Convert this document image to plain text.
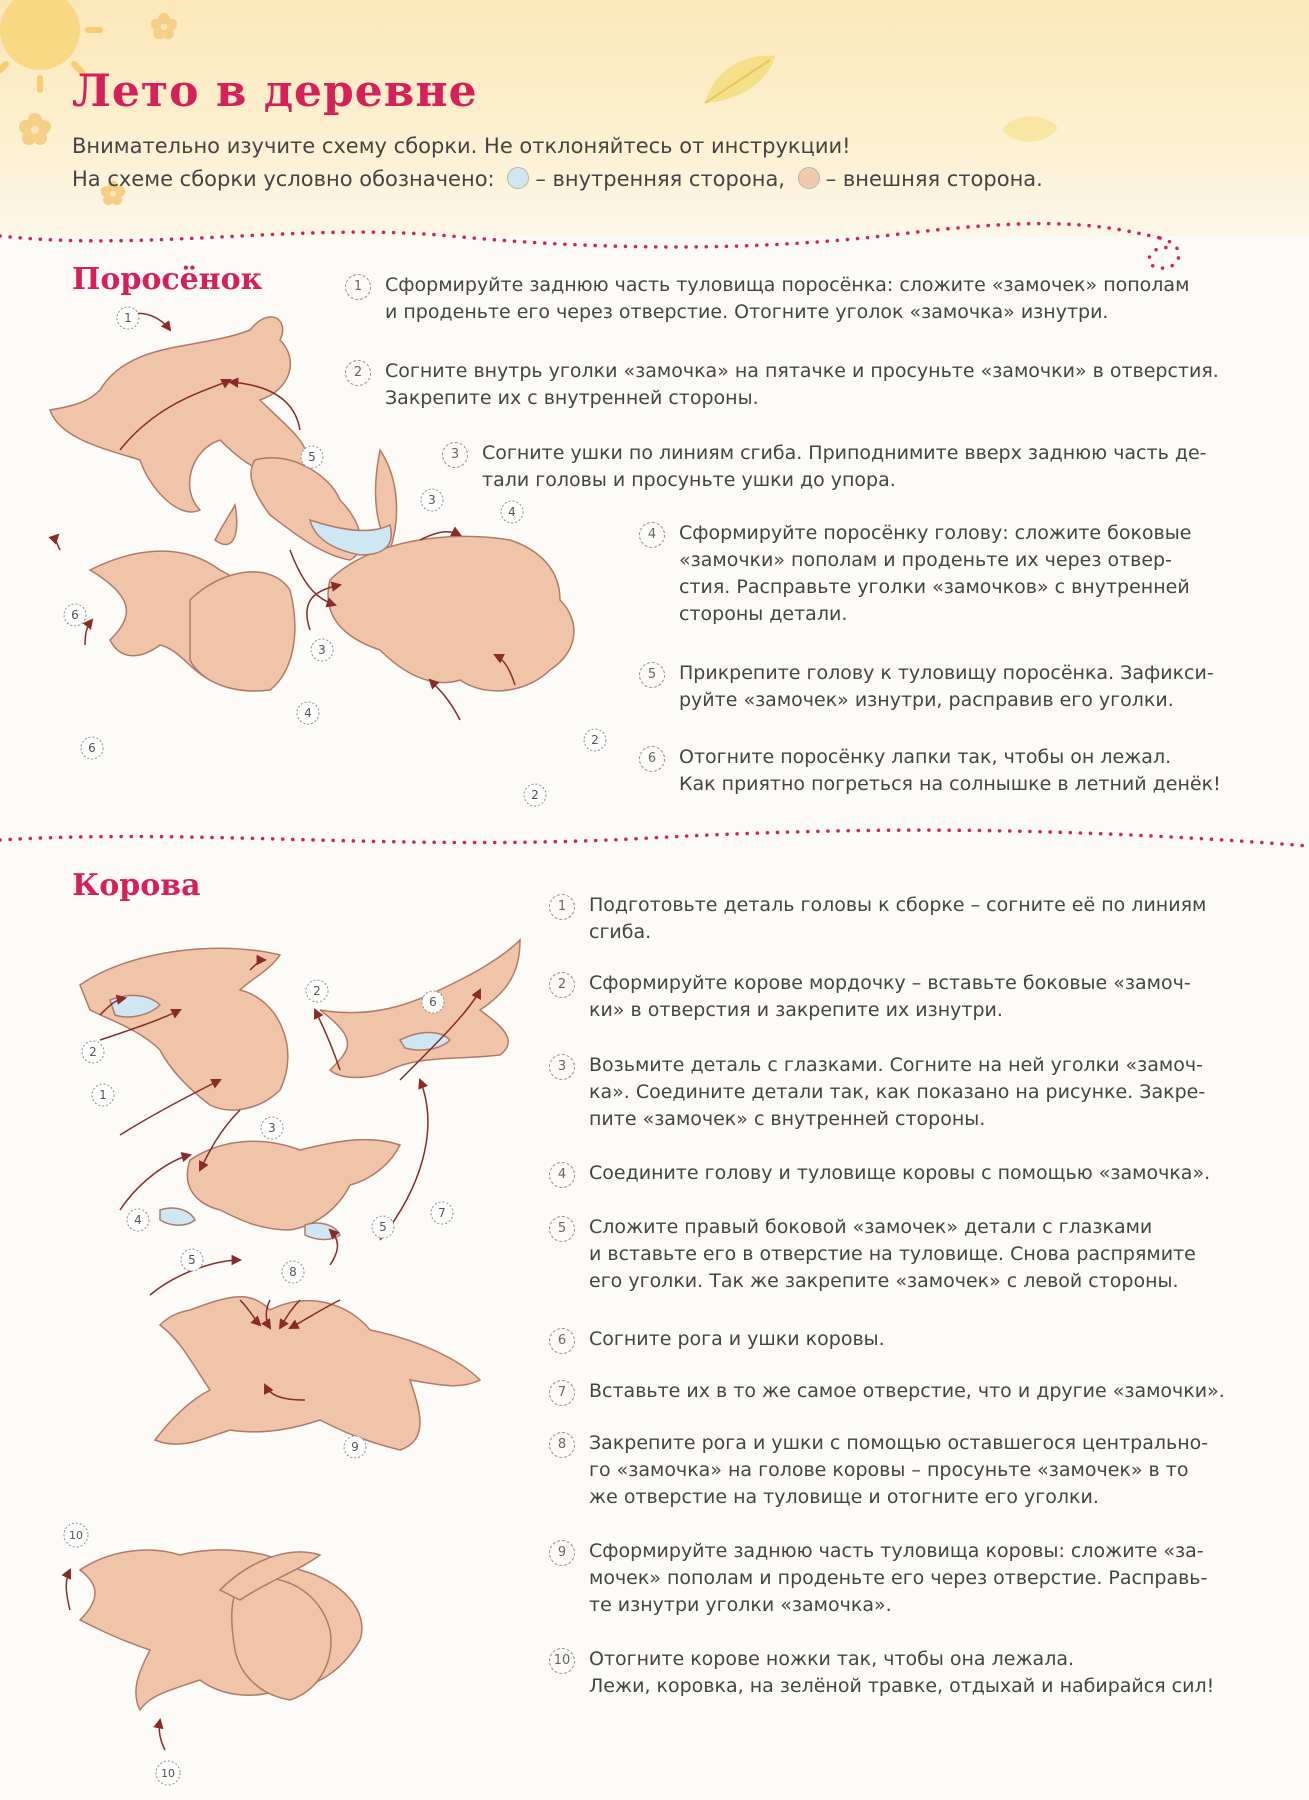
Лето в деревне
Внимательно изучите схему сборки. Не отклоняйтесь от инструкции!
На схеме сборки условно обозначено: – внутренняя сторона, – внешняя сторона.
Поросёнок	1	Сформируйте заднюю часть туловища поросёнка: сложите «замочек» пополам
и проденьте его через отверстие. Отогните уголок «замочка» изнутри.
2	Согните внутрь уголки «замочка» на пятачке и просуньте «замочки» в отверстия.
Закрепите их с внутренней стороны.
3	Согните ушки по линиям сгиба. Приподнимите вверх заднюю часть де-
тали головы и просуньте ушки до упора.
4	Сформируйте поросёнку голову: сложите боковые
«замочки» пополам и проденьте их через отвер-
стия. Расправьте уголки «замочков» с внутренней
стороны детали.
5	Прикрепите голову к туловищу поросёнка. Зафикси-
руйте «замочек» изнутри, расправив его уголки.
6	Отогните поросёнку лапки так, чтобы он лежал.
Как приятно погреться на солнышке в летний денёк!
1
5
3
4
4
3
2
2
6
6
Корова
1	Подготовьте деталь головы к сборке – согните её по линиям
сгиба.
2	Сформируйте корове мордочку – вставьте боковые «замоч-
ки» в отверстия и закрепите их изнутри.
3	Возьмите деталь с глазками. Согните на ней уголки «замоч-
ка». Соедините детали так, как показано на рисунке. Закре-
пите «замочек» с внутренней стороны.
4	Соедините голову и туловище коровы с помощью «замочка».
5	Сложите правый боковой «замочек» детали с глазками
и вставьте его в отверстие на туловище. Снова распрямите
его уголки. Так же закрепите «замочек» с левой стороны.
6	Согните рога и ушки коровы.
7	Вставьте их в то же самое отверстие, что и другие «замочки».
8	Закрепите рога и ушки с помощью оставшегося центрально-
го «замочка» на голове коровы – просуньте «замочек» в то
же отверстие на туловище и отогните его уголки.
9	Сформируйте заднюю часть туловища коровы: сложите «за-
мочек» пополам и проденьте его через отверстие. Расправь-
те изнутри уголки «замочка».
10 Отогните корове ножки так, чтобы она лежала.
Лежи, коровка, на зелёной травке, отдыхай и набирайся сил!
2
2
1
6
3
4
5
5
7
8
9
10
10
